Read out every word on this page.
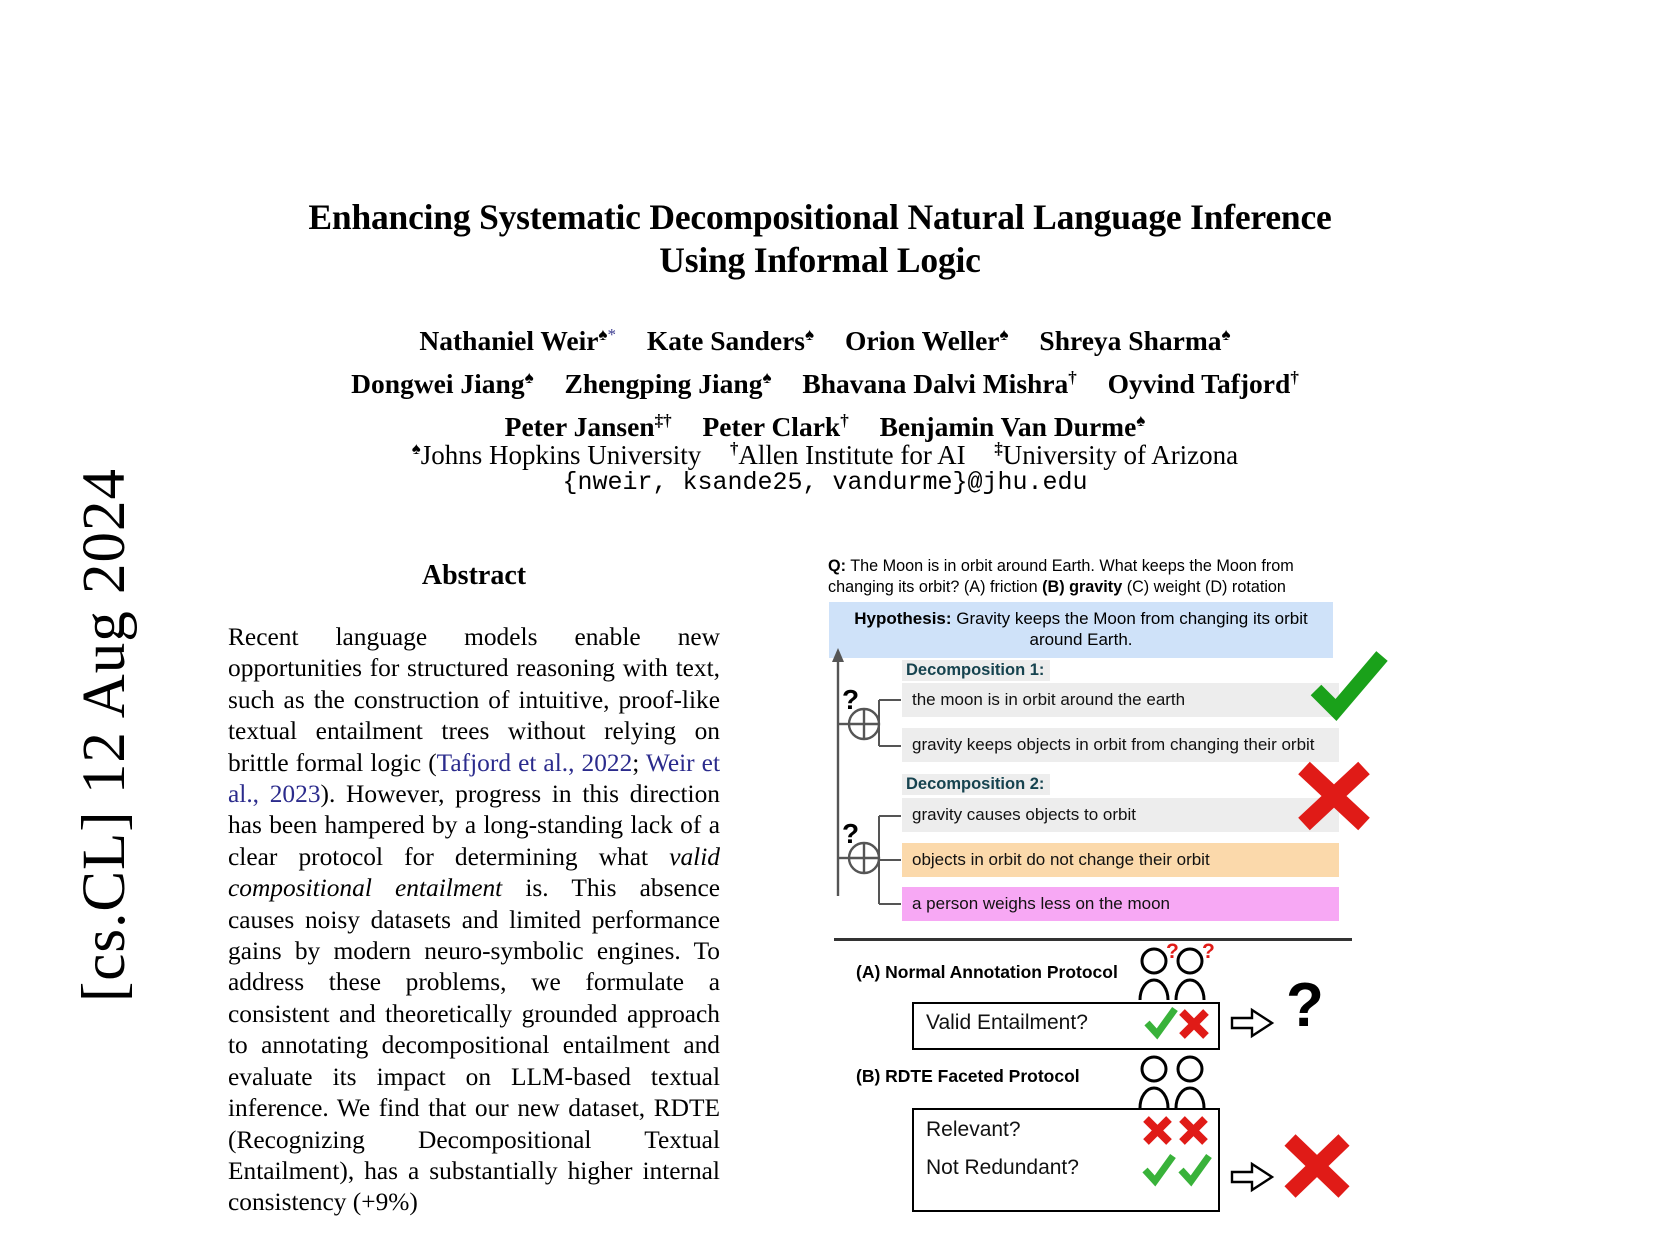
[cs.CL] 12 Aug 2024
Enhancing Systematic Decompositional Natural Language Inference
Using Informal Logic
Nathaniel Weir♠* Kate Sanders♠ Orion Weller♠ Shreya Sharma♠
Dongwei Jiang♠ Zhengping Jiang♠ Bhavana Dalvi Mishra† Oyvind Tafjord†
Peter Jansen‡† Peter Clark† Benjamin Van Durme♠
♠Johns Hopkins University †Allen Institute for AI ‡University of Arizona
{nweir, ksande25, vandurme}@jhu.edu
Abstract
Recent language models enable new opportunities for structured reasoning with text, such as the construction of intuitive, proof-like textual entailment trees without relying on brittle formal logic (Tafjord et al., 2022; Weir et al., 2023). However, progress in this direction has been hampered by a long-standing lack of a clear protocol for determining what valid compositional entailment is. This absence causes noisy datasets and limited performance gains by modern neuro-symbolic engines. To address these problems, we formulate a consistent and theoretically grounded approach to annotating decompositional entailment and evaluate its impact on LLM-based textual inference. We find that our new dataset, RDTE (Recognizing Decompositional Textual Entailment), has a substantially higher internal consistency (+9%)
Q: The Moon is in orbit around Earth. What keeps the Moon from changing its orbit? (A) friction (B) gravity (C) weight (D) rotation
Hypothesis: Gravity keeps the Moon from changing its orbit around Earth.
Decomposition 1:
the moon is in orbit around the earth
gravity keeps objects in orbit from changing their orbit
Decomposition 2:
gravity causes objects to orbit
objects in orbit do not change their orbit
a person weighs less on the moon
?
?
(A) Normal Annotation Protocol
? ?
Valid Entailment?	?
(B) RDTE Faceted Protocol
Relevant?
Not Redundant?
